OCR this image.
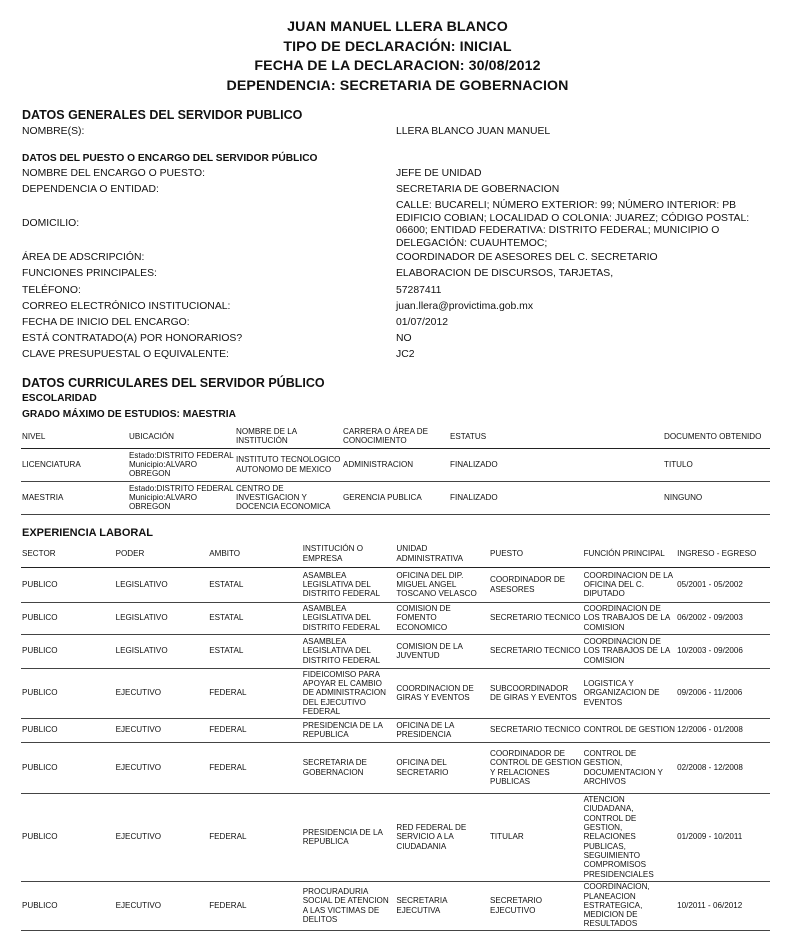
JUAN MANUEL LLERA BLANCO
TIPO DE DECLARACIÓN: INICIAL
FECHA DE LA DECLARACION: 30/08/2012
DEPENDENCIA: SECRETARIA DE GOBERNACION
DATOS GENERALES DEL SERVIDOR PUBLICO
NOMBRE(S):	LLERA BLANCO JUAN MANUEL
DATOS DEL PUESTO O ENCARGO DEL SERVIDOR PÚBLICO
NOMBRE DEL ENCARGO O PUESTO:	JEFE DE UNIDAD
DEPENDENCIA O ENTIDAD:	SECRETARIA DE GOBERNACION
DOMICILIO:
CALLE: BUCARELI; NÚMERO EXTERIOR: 99; NÚMERO INTERIOR: PB EDIFICIO COBIAN; LOCALIDAD O COLONIA: JUAREZ; CÓDIGO POSTAL: 06600; ENTIDAD FEDERATIVA: DISTRITO FEDERAL; MUNICIPIO O DELEGACIÓN: CUAUHTEMOC;
ÁREA DE ADSCRIPCIÓN:	COORDINADOR DE ASESORES DEL C. SECRETARIO
FUNCIONES PRINCIPALES:	ELABORACION DE DISCURSOS, TARJETAS,
TELÉFONO:	57287411
CORREO ELECTRÓNICO INSTITUCIONAL:	juan.llera@provictima.gob.mx
FECHA DE INICIO DEL ENCARGO:	01/07/2012
ESTÁ CONTRATADO(A) POR HONORARIOS?	NO
CLAVE PRESUPUESTAL O EQUIVALENTE:	JC2
DATOS CURRICULARES DEL SERVIDOR PÚBLICO
ESCOLARIDAD
GRADO MÁXIMO DE ESTUDIOS: MAESTRIA
NIVEL	UBICACIÓN	NOMBRE DE LA INSTITUCIÓN	CARRERA O ÁREA DE CONOCIMIENTO	ESTATUS		DOCUMENTO OBTENIDO
LICENCIATURA	Estado:DISTRITO FEDERAL Municipio:ALVARO OBREGON	INSTITUTO TECNOLOGICO AUTONOMO DE MEXICO	ADMINISTRACION	FINALIZADO		TITULO
MAESTRIA	Estado:DISTRITO FEDERAL Municipio:ALVARO OBREGON	CENTRO DE INVESTIGACION Y DOCENCIA ECONOMICA	GERENCIA PUBLICA	FINALIZADO		NINGUNO
EXPERIENCIA LABORAL
SECTOR	PODER	AMBITO	INSTITUCIÓN O EMPRESA	UNIDAD ADMINISTRATIVA	PUESTO	FUNCIÓN PRINCIPAL	INGRESO - EGRESO
PUBLICO	LEGISLATIVO	ESTATAL	ASAMBLEA LEGISLATIVA DEL DISTRITO FEDERAL	OFICINA DEL DIP. MIGUEL ANGEL TOSCANO VELASCO	COORDINADOR DE ASESORES	COORDINACION DE LA OFICINA DEL C. DIPUTADO	05/2001 - 05/2002
PUBLICO	LEGISLATIVO	ESTATAL	ASAMBLEA LEGISLATIVA DEL DISTRITO FEDERAL	COMISION DE FOMENTO ECONOMICO	SECRETARIO TECNICO	COORDINACION DE LOS TRABAJOS DE LA COMISION	06/2002 - 09/2003
PUBLICO	LEGISLATIVO	ESTATAL	ASAMBLEA LEGISLATIVA DEL DISTRITO FEDERAL	COMISION DE LA JUVENTUD	SECRETARIO TECNICO	COORDINACION DE LOS TRABAJOS DE LA COMISION	10/2003 - 09/2006
PUBLICO	EJECUTIVO	FEDERAL	FIDEICOMISO PARA APOYAR EL CAMBIO DE ADMINISTRACION DEL EJECUTIVO FEDERAL	COORDINACION DE GIRAS Y EVENTOS	SUBCOORDINADOR DE GIRAS Y EVENTOS	LOGISTICA Y ORGANIZACION DE EVENTOS	09/2006 - 11/2006
PUBLICO	EJECUTIVO	FEDERAL	PRESIDENCIA DE LA REPUBLICA	OFICINA DE LA PRESIDENCIA	SECRETARIO TECNICO	CONTROL DE GESTION	12/2006 - 01/2008
PUBLICO	EJECUTIVO	FEDERAL	SECRETARIA DE GOBERNACION	OFICINA DEL SECRETARIO	COORDINADOR DE CONTROL DE GESTION Y RELACIONES PUBLICAS	CONTROL DE GESTION, DOCUMENTACION Y ARCHIVOS	02/2008 - 12/2008
PUBLICO	EJECUTIVO	FEDERAL	PRESIDENCIA DE LA REPUBLICA	RED FEDERAL DE SERVICIO A LA CIUDADANIA	TITULAR	ATENCION CIUDADANA, CONTROL DE GESTION, RELACIONES PUBLICAS, SEGUIMIENTO COMPROMISOS PRESIDENCIALES	01/2009 - 10/2011
PUBLICO	EJECUTIVO	FEDERAL	PROCURADURIA SOCIAL DE ATENCION A LAS VICTIMAS DE DELITOS	SECRETARIA EJECUTIVA	SECRETARIO EJECUTIVO	COORDINACION, PLANEACION ESTRATEGICA, MEDICION DE RESULTADOS	10/2011 - 06/2012
